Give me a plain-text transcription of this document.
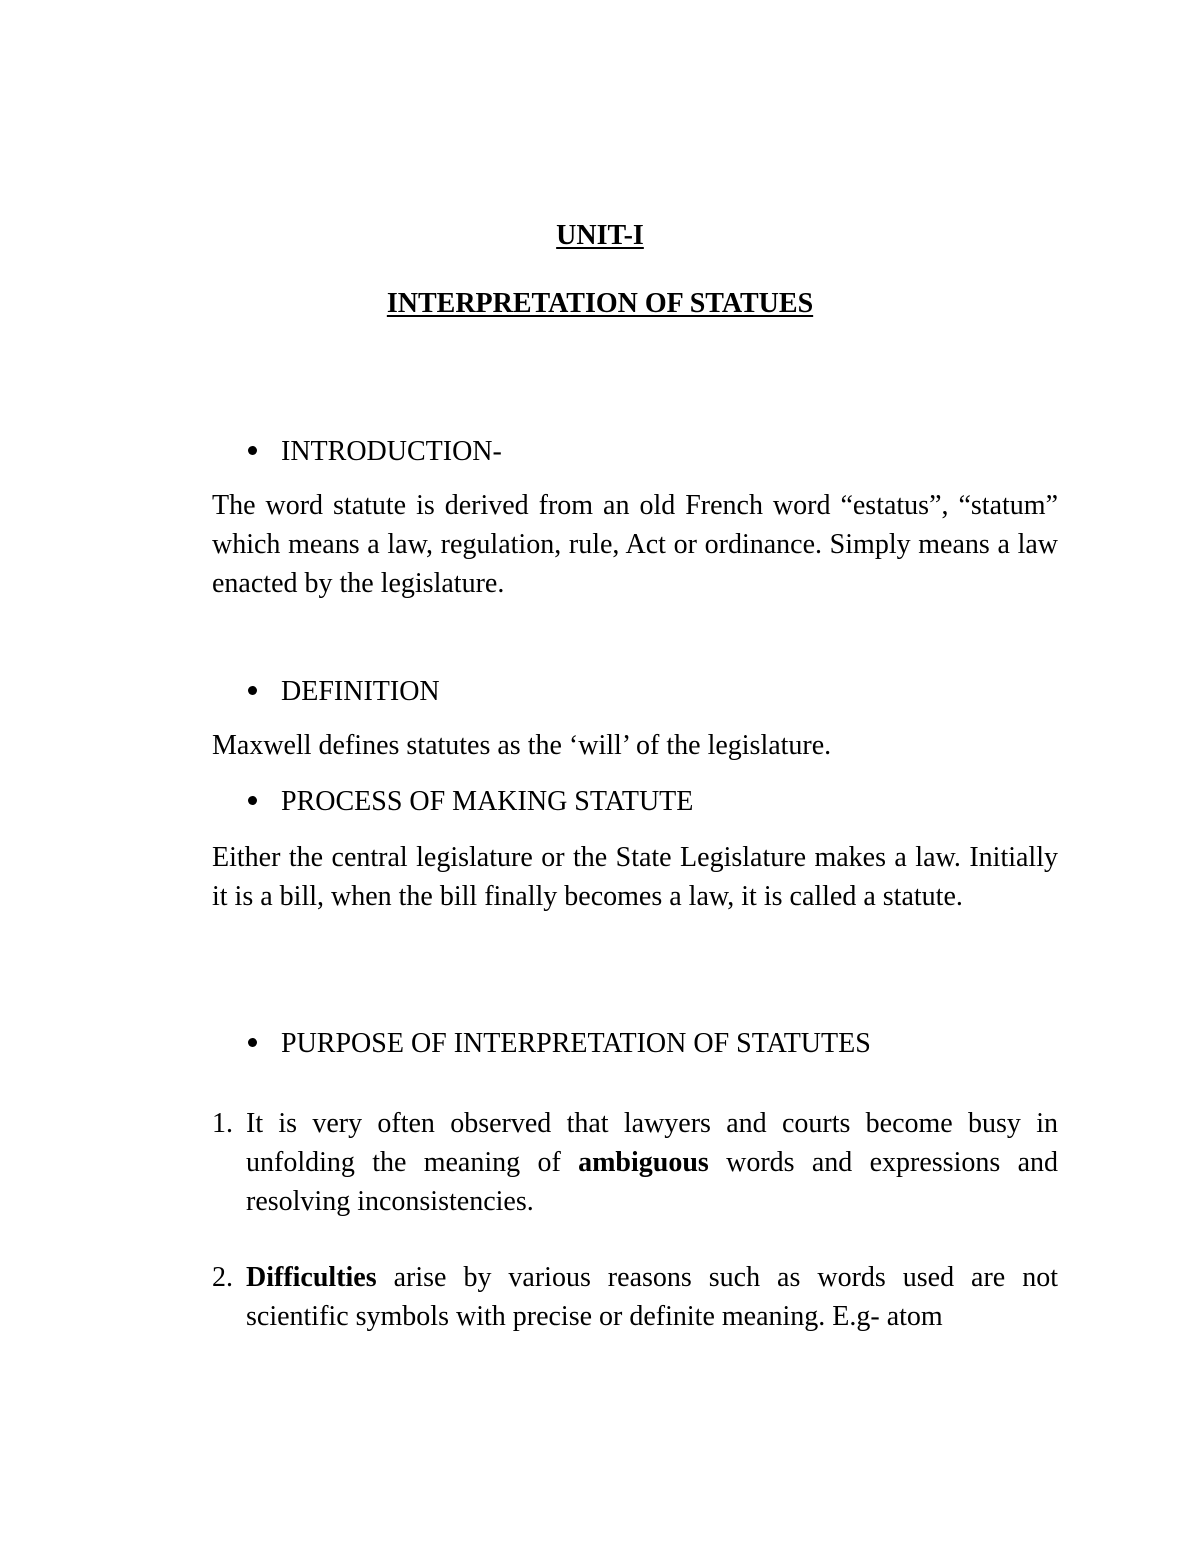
UNIT-I
INTERPRETATION OF STATUES
INTRODUCTION-

The word statute is derived from an old French word “estatus”, “statum” which means a law, regulation, rule, Act or ordinance. Simply means a law enacted by the legislature.

DEFINITION

Maxwell defines statutes as the ‘will’ of the legislature.

PROCESS OF MAKING STATUTE

Either the central legislature or the State Legislature makes a law. Initially it is a bill, when the bill finally becomes a law, it is called a statute.

PURPOSE OF INTERPRETATION OF STATUTES
1. It is very often observed that lawyers and courts become busy in unfolding the meaning of ambiguous words and expressions and resolving inconsistencies.
2. Difficulties arise by various reasons such as words used are not scientific symbols with precise or definite meaning. E.g- atom
